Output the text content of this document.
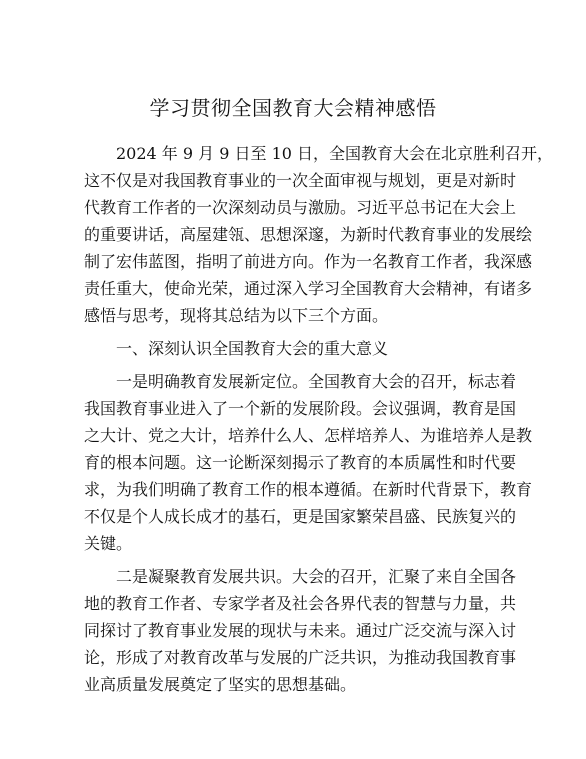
学习贯彻全国教育大会精神感悟
2024 年 9 月 9 日至 10 日，全国教育大会在北京胜利召开，
这不仅是对我国教育事业的一次全面审视与规划，更是对新时
代教育工作者的一次深刻动员与激励。习近平总书记在大会上
的重要讲话，高屋建瓴、思想深邃，为新时代教育事业的发展绘
制了宏伟蓝图，指明了前进方向。作为一名教育工作者，我深感
责任重大，使命光荣，通过深入学习全国教育大会精神，有诸多
感悟与思考，现将其总结为以下三个方面。
一、深刻认识全国教育大会的重大意义
一是明确教育发展新定位。全国教育大会的召开，标志着
我国教育事业进入了一个新的发展阶段。会议强调，教育是国
之大计、党之大计，培养什么人、怎样培养人、为谁培养人是教
育的根本问题。这一论断深刻揭示了教育的本质属性和时代要
求，为我们明确了教育工作的根本遵循。在新时代背景下，教育
不仅是个人成长成才的基石，更是国家繁荣昌盛、民族复兴的
关键。
二是凝聚教育发展共识。大会的召开，汇聚了来自全国各
地的教育工作者、专家学者及社会各界代表的智慧与力量，共
同探讨了教育事业发展的现状与未来。通过广泛交流与深入讨
论，形成了对教育改革与发展的广泛共识，为推动我国教育事
业高质量发展奠定了坚实的思想基础。
